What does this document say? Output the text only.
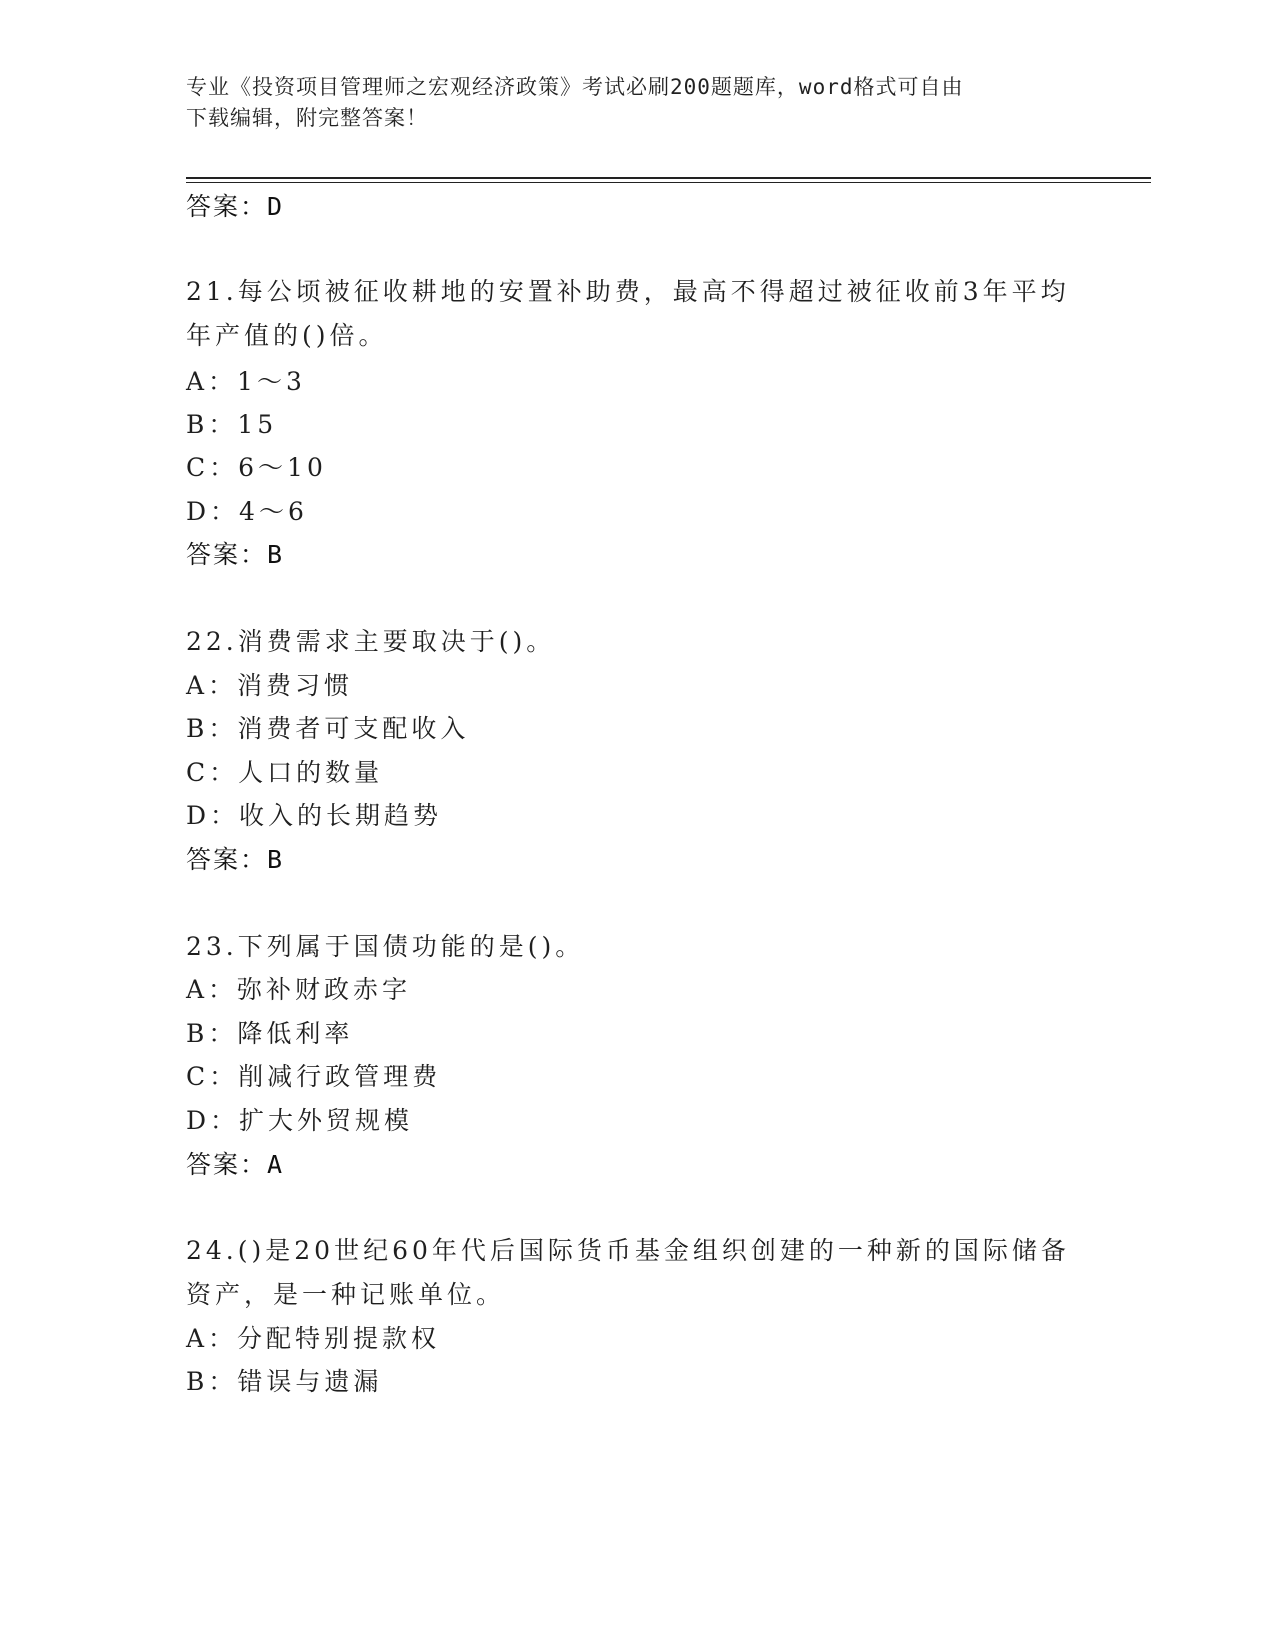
专业《投资项目管理师之宏观经济政策》考试必刷200题题库，word格式可自由
下载编辑，附完整答案！
答案：D
21.每公顷被征收耕地的安置补助费，最高不得超过被征收前3年平均
年产值的()倍。
A：1～3
B：15
C：6～10
D：4～6
答案：B
22.消费需求主要取决于()。
A：消费习惯
B：消费者可支配收入
C：人口的数量
D：收入的长期趋势
答案：B
23.下列属于国债功能的是()。
A：弥补财政赤字
B：降低利率
C：削减行政管理费
D：扩大外贸规模
答案：A
24.()是20世纪60年代后国际货币基金组织创建的一种新的国际储备
资产，是一种记账单位。
A：分配特别提款权
B：错误与遗漏
